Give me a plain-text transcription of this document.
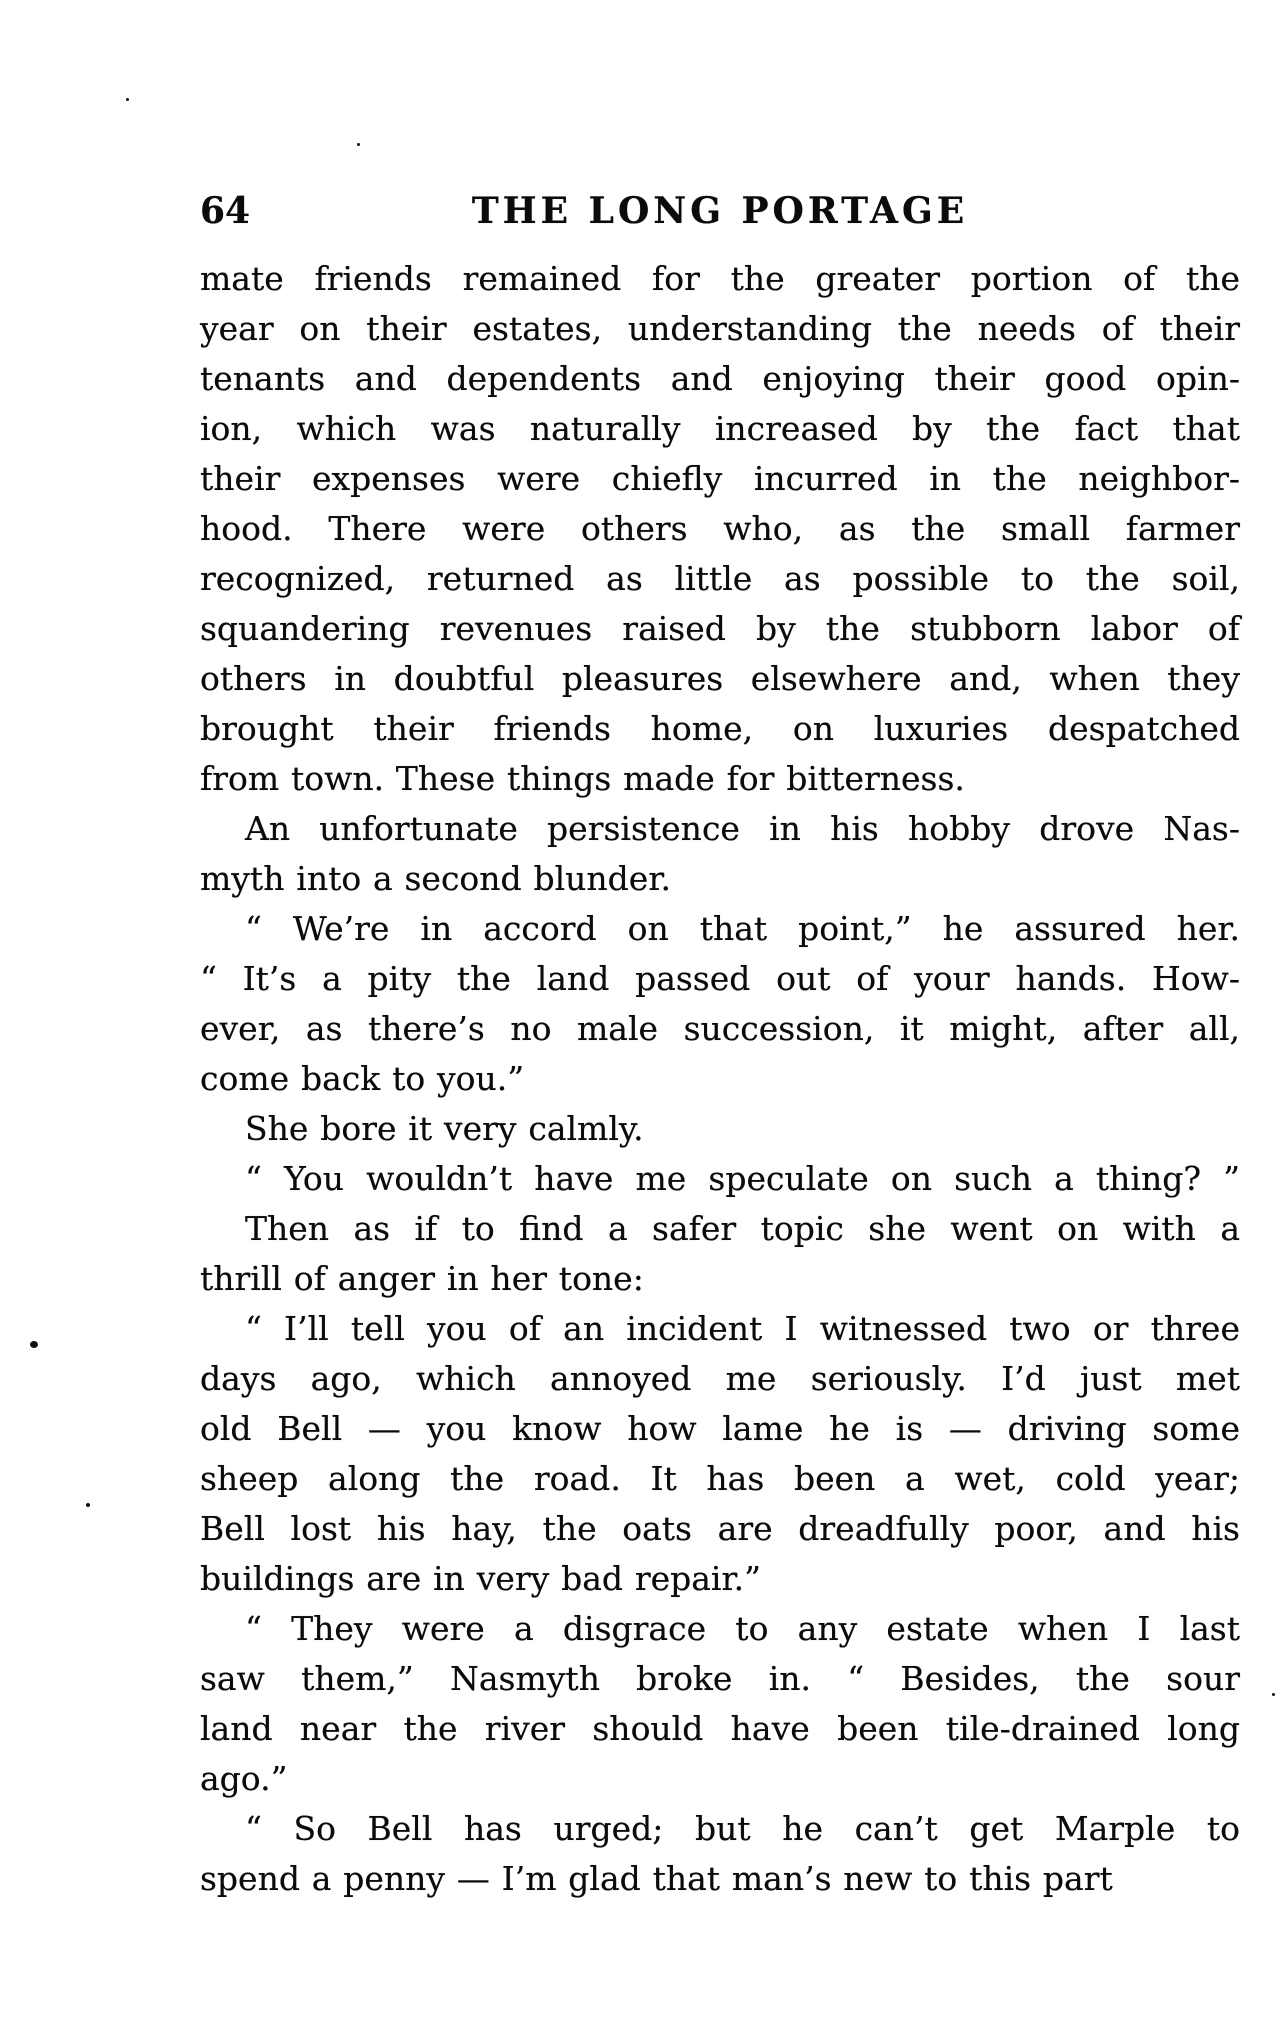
64	THE LONG PORTAGE
mate friends remained for the greater portion of the
year on their estates, understanding the needs of their
tenants and dependents and enjoying their good opin-
ion, which was naturally increased by the fact that
their expenses were chiefly incurred in the neighbor-
hood. There were others who, as the small farmer
recognized, returned as little as possible to the soil,
squandering revenues raised by the stubborn labor of
others in doubtful pleasures elsewhere and, when they
brought their friends home, on luxuries despatched
from town. These things made for bitterness.
An unfortunate persistence in his hobby drove Nas-
myth into a second blunder.
“ We’re in accord on that point,” he assured her.
“ It’s a pity the land passed out of your hands. How-
ever, as there’s no male succession, it might, after all,
come back to you.”
She bore it very calmly.
“ You wouldn’t have me speculate on such a thing? ”
Then as if to find a safer topic she went on with a
thrill of anger in her tone:
“ I’ll tell you of an incident I witnessed two or three
days ago, which annoyed me seriously. I’d just met
old Bell — you know how lame he is — driving some
sheep along the road. It has been a wet, cold year;
Bell lost his hay, the oats are dreadfully poor, and his
buildings are in very bad repair.”
“ They were a disgrace to any estate when I last
saw them,” Nasmyth broke in. “ Besides, the sour
land near the river should have been tile-drained long
ago.”
“ So Bell has urged; but he can’t get Marple to
spend a penny — I’m glad that man’s new to this part
